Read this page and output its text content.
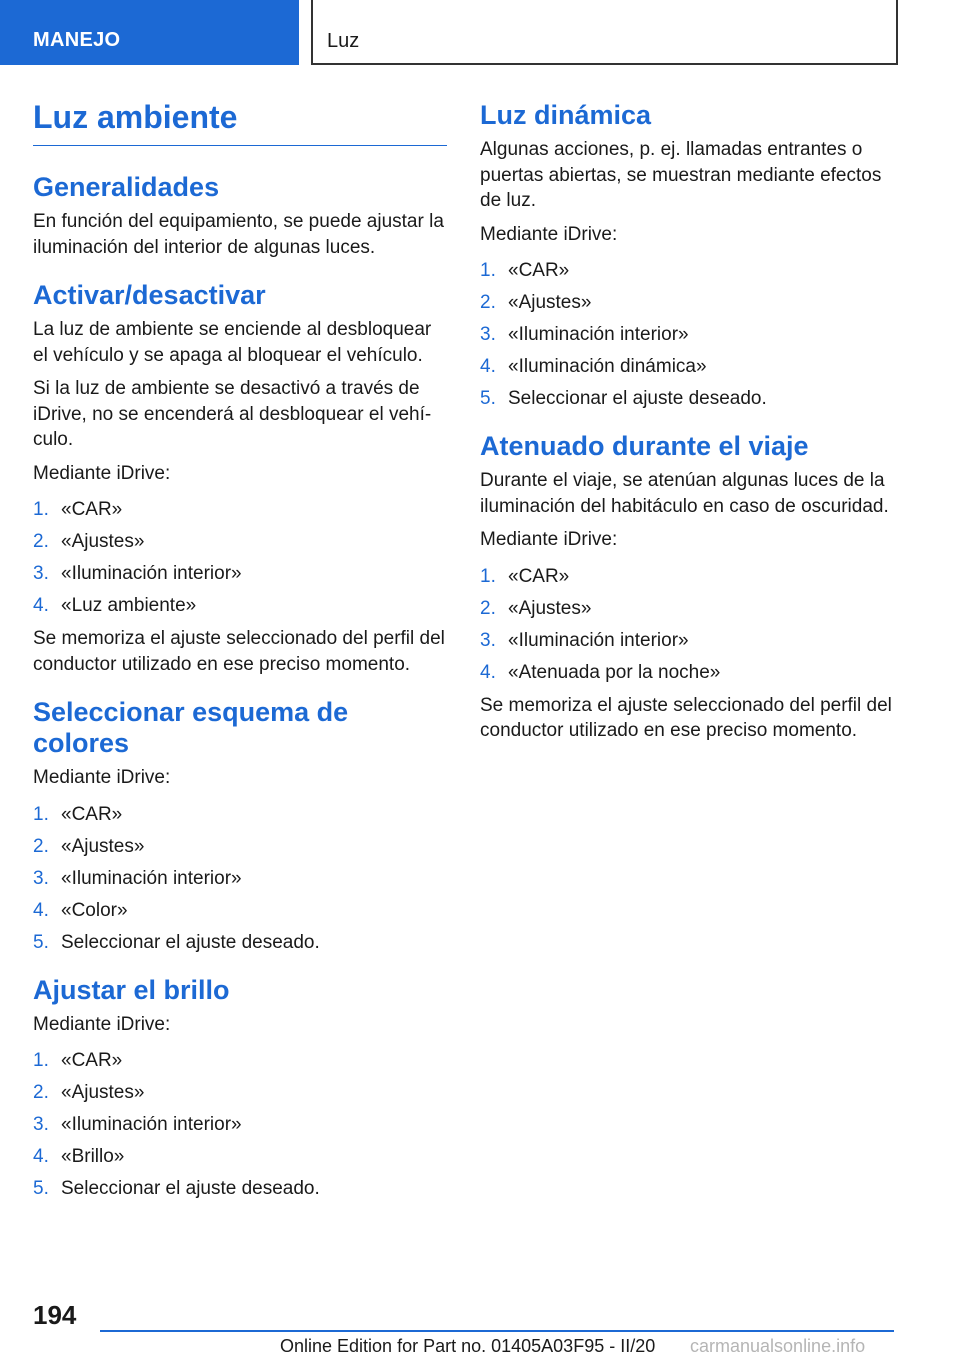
MANEJO	Luz
Luz ambiente
Generalidades

En función del equipamiento, se puede ajustar la iluminación del interior de algunas luces.

Activar/desactivar

La luz de ambiente se enciende al desbloquear el vehículo y se apaga al bloquear el vehículo.

Si la luz de ambiente se desactivó a través de iDrive, no se encenderá al desbloquear el vehículo.

Mediante iDrive:

1. «CAR»
2. «Ajustes»
3. «Iluminación interior»
4. «Luz ambiente»

Se memoriza el ajuste seleccionado del perfil del conductor utilizado en ese preciso momento.

Seleccionar esquema de colores

Mediante iDrive:

1. «CAR»
2. «Ajustes»
3. «Iluminación interior»
4. «Color»
5. Seleccionar el ajuste deseado.
Ajustar el brillo

Mediante iDrive:

1. «CAR»
2. «Ajustes»
3. «Iluminación interior»
4. «Brillo»
5. Seleccionar el ajuste deseado.
Luz dinámica

Algunas acciones, p. ej. llamadas entrantes o puertas abiertas, se muestran mediante efectos de luz.

Mediante iDrive:

1. «CAR»
2. «Ajustes»
3. «Iluminación interior»
4. «Iluminación dinámica»
5. Seleccionar el ajuste deseado.
Atenuado durante el viaje

Durante el viaje, se atenúan algunas luces de la iluminación del habitáculo en caso de oscuridad.

Mediante iDrive:

1. «CAR»
2. «Ajustes»
3. «Iluminación interior»
4. «Atenuada por la noche»

Se memoriza el ajuste seleccionado del perfil del conductor utilizado en ese preciso momento.

194
Online Edition for Part no. 01405A03F95 - II/20 carmanualsonline.info
